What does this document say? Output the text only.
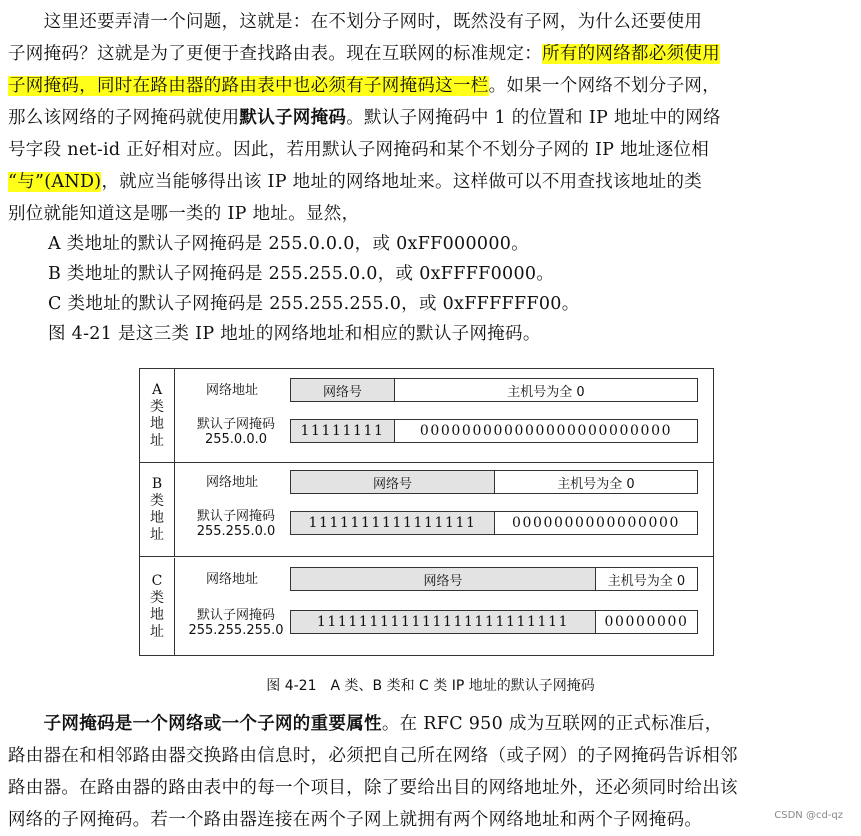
　　这里还要弄清一个问题，这就是：在不划分子网时，既然没有子网，为什么还要使用
子网掩码？这就是为了更便于查找路由表。现在互联网的标准规定：所有的网络都必须使用
子网掩码，同时在路由器的路由表中也必须有子网掩码这一栏。如果一个网络不划分子网，
那么该网络的子网掩码就使用默认子网掩码。默认子网掩码中 1 的位置和 IP 地址中的网络
号字段 net-id 正好相对应。因此，若用默认子网掩码和某个不划分子网的 IP 地址逐位相
“与”(AND)，就应当能够得出该 IP 地址的网络地址来。这样做可以不用查找该地址的类
别位就能知道这是哪一类的 IP 地址。显然，
A 类地址的默认子网掩码是 255.0.0.0，或 0xFF000000。
B 类地址的默认子网掩码是 255.255.0.0，或 0xFFFF0000。
C 类地址的默认子网掩码是 255.255.255.0，或 0xFFFFFF00。
图 4-21 是这三类 IP 地址的网络地址和相应的默认子网掩码。
A
类
地
址
网络地址	网络号	主机号为全 0
默认子网掩码
255.0.0.0
11111111	000000000000000000000000
B
类
地
址
网络地址	网络号	主机号为全 0
默认子网掩码
255.255.0.0
1111111111111111	0000000000000000
C
类
地
址
网络地址	网络号	主机号为全 0
默认子网掩码
255.255.255.0
111111111111111111111111	00000000
图 4-21　A 类、B 类和 C 类 IP 地址的默认子网掩码
　　子网掩码是一个网络或一个子网的重要属性。在 RFC 950 成为互联网的正式标准后，
路由器在和相邻路由器交换路由信息时，必须把自己所在网络（或子网）的子网掩码告诉相邻
路由器。在路由器的路由表中的每一个项目，除了要给出目的网络地址外，还必须同时给出该
网络的子网掩码。若一个路由器连接在两个子网上就拥有两个网络地址和两个子网掩码。	CSDN @cd-qz
